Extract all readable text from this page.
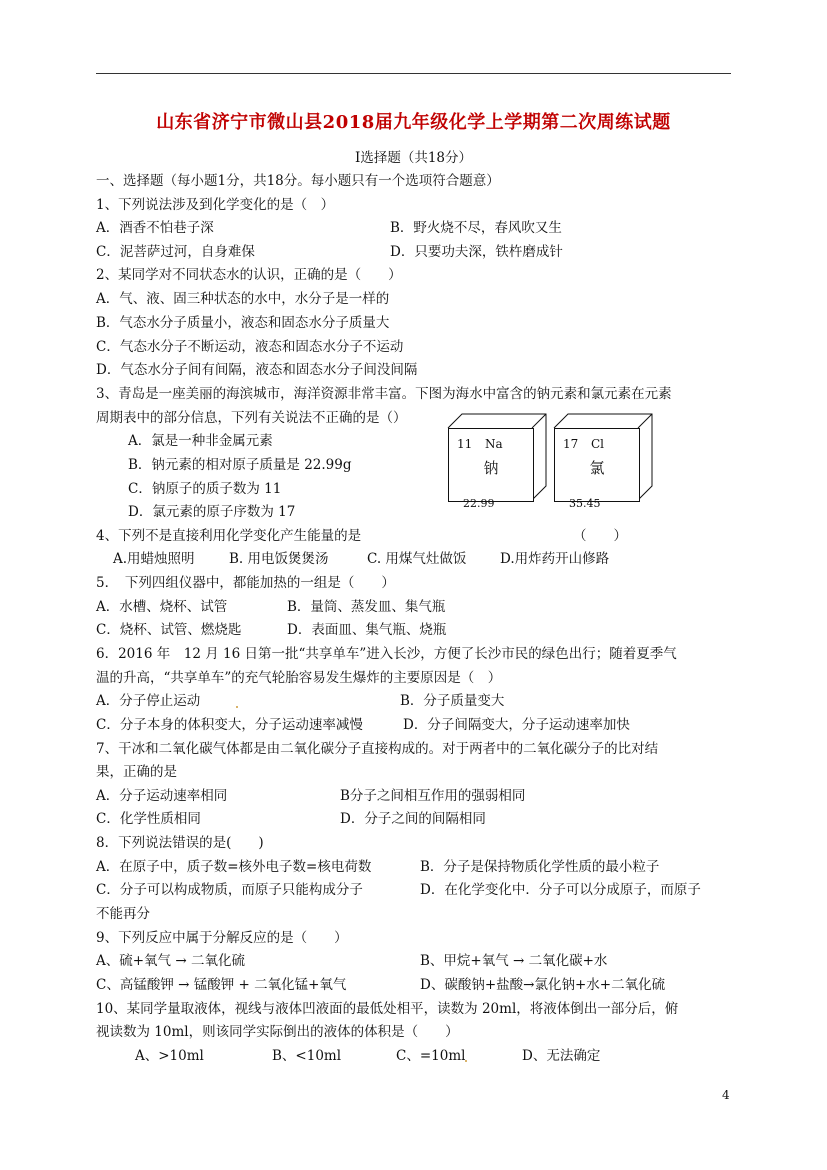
山东省济宁市微山县2018届九年级化学上学期第二次周练试题
Ⅰ选择题（共18分）
一、选择题（每小题1分，共18分。每小题只有一个选项符合题意）
1、下列说法涉及到化学变化的是（　）
A．酒香不怕巷子深	B．野火烧不尽，春风吹又生
C．泥菩萨过河，自身难保	D．只要功夫深，铁杵磨成针
2、某同学对不同状态水的认识，正确的是（　　）
A．气、液、固三种状态的水中，水分子是一样的
B．气态水分子质量小，液态和固态水分子质量大
C．气态水分子不断运动，液态和固态水分子不运动
D．气态水分子间有间隔，液态和固态水分子间没间隔
3、青岛是一座美丽的海滨城市，海洋资源非常丰富。下图为海水中富含的钠元素和氯元素在元素
周期表中的部分信息，下列有关说法不正确的是（）
A．氯是一种非金属元素
B．钠元素的相对原子质量是 22.99g
C．钠原子的质子数为 11
D．氯元素的原子序数为 17
11 Na
钠
22.99
17 Cl
氯
35.45
4、下列不是直接利用化学变化产生能量的是	（　　）
A.用蜡烛照明	B. 用电饭煲煲汤	C. 用煤气灶做饭 D.用炸药开山修路
5．　下列四组仪器中，都能加热的一组是（　　）
A．水槽、烧杯、试管	B．量筒、蒸发皿、集气瓶
C．烧杯、试管、燃烧匙	D．表面皿、集气瓶、烧瓶
6．2016 年　12 月 16 日第一批“共享单车”进入长沙，方便了长沙市民的绿色出行；随着夏季气
温的升高，“共享单车”的充气轮胎容易发生爆炸的主要原因是（　）
A．分子停止运动	B．分子质量变大
C．分子本身的体积变大，分子运动速率减慢	D．分子间隔变大，分子运动速率加快
7、干冰和二氧化碳气体都是由二氧化碳分子直接构成的。对于两者中的二氧化碳分子的比对结
果，正确的是
A．分子运动速率相同	B分子之间相互作用的强弱相同
C．化学性质相同	D．分子之间的间隔相同
8．下列说法错误的是(　　)
A．在原子中，质子数=核外电子数=核电荷数	B．分子是保持物质化学性质的最小粒子
C．分子可以构成物质，而原子只能构成分子	D．在化学变化中．分子可以分成原子，而原子
不能再分
9、下列反应中属于分解反应的是（　　）
A、硫+氧气 → 二氧化硫	B、甲烷+氧气 → 二氧化碳+水
C、高锰酸钾 → 锰酸钾 + 二氧化锰+氧气	D、碳酸钠+盐酸→氯化钠+水+二氧化硫
10、某同学量取液体，视线与液体凹液面的最低处相平，读数为 20ml，将液体倒出一部分后，俯
视读数为 10ml，则该同学实际倒出的液体的体积是（　　）
A、>10ml	B、<10ml	C、=10ml	D、无法确定
4
